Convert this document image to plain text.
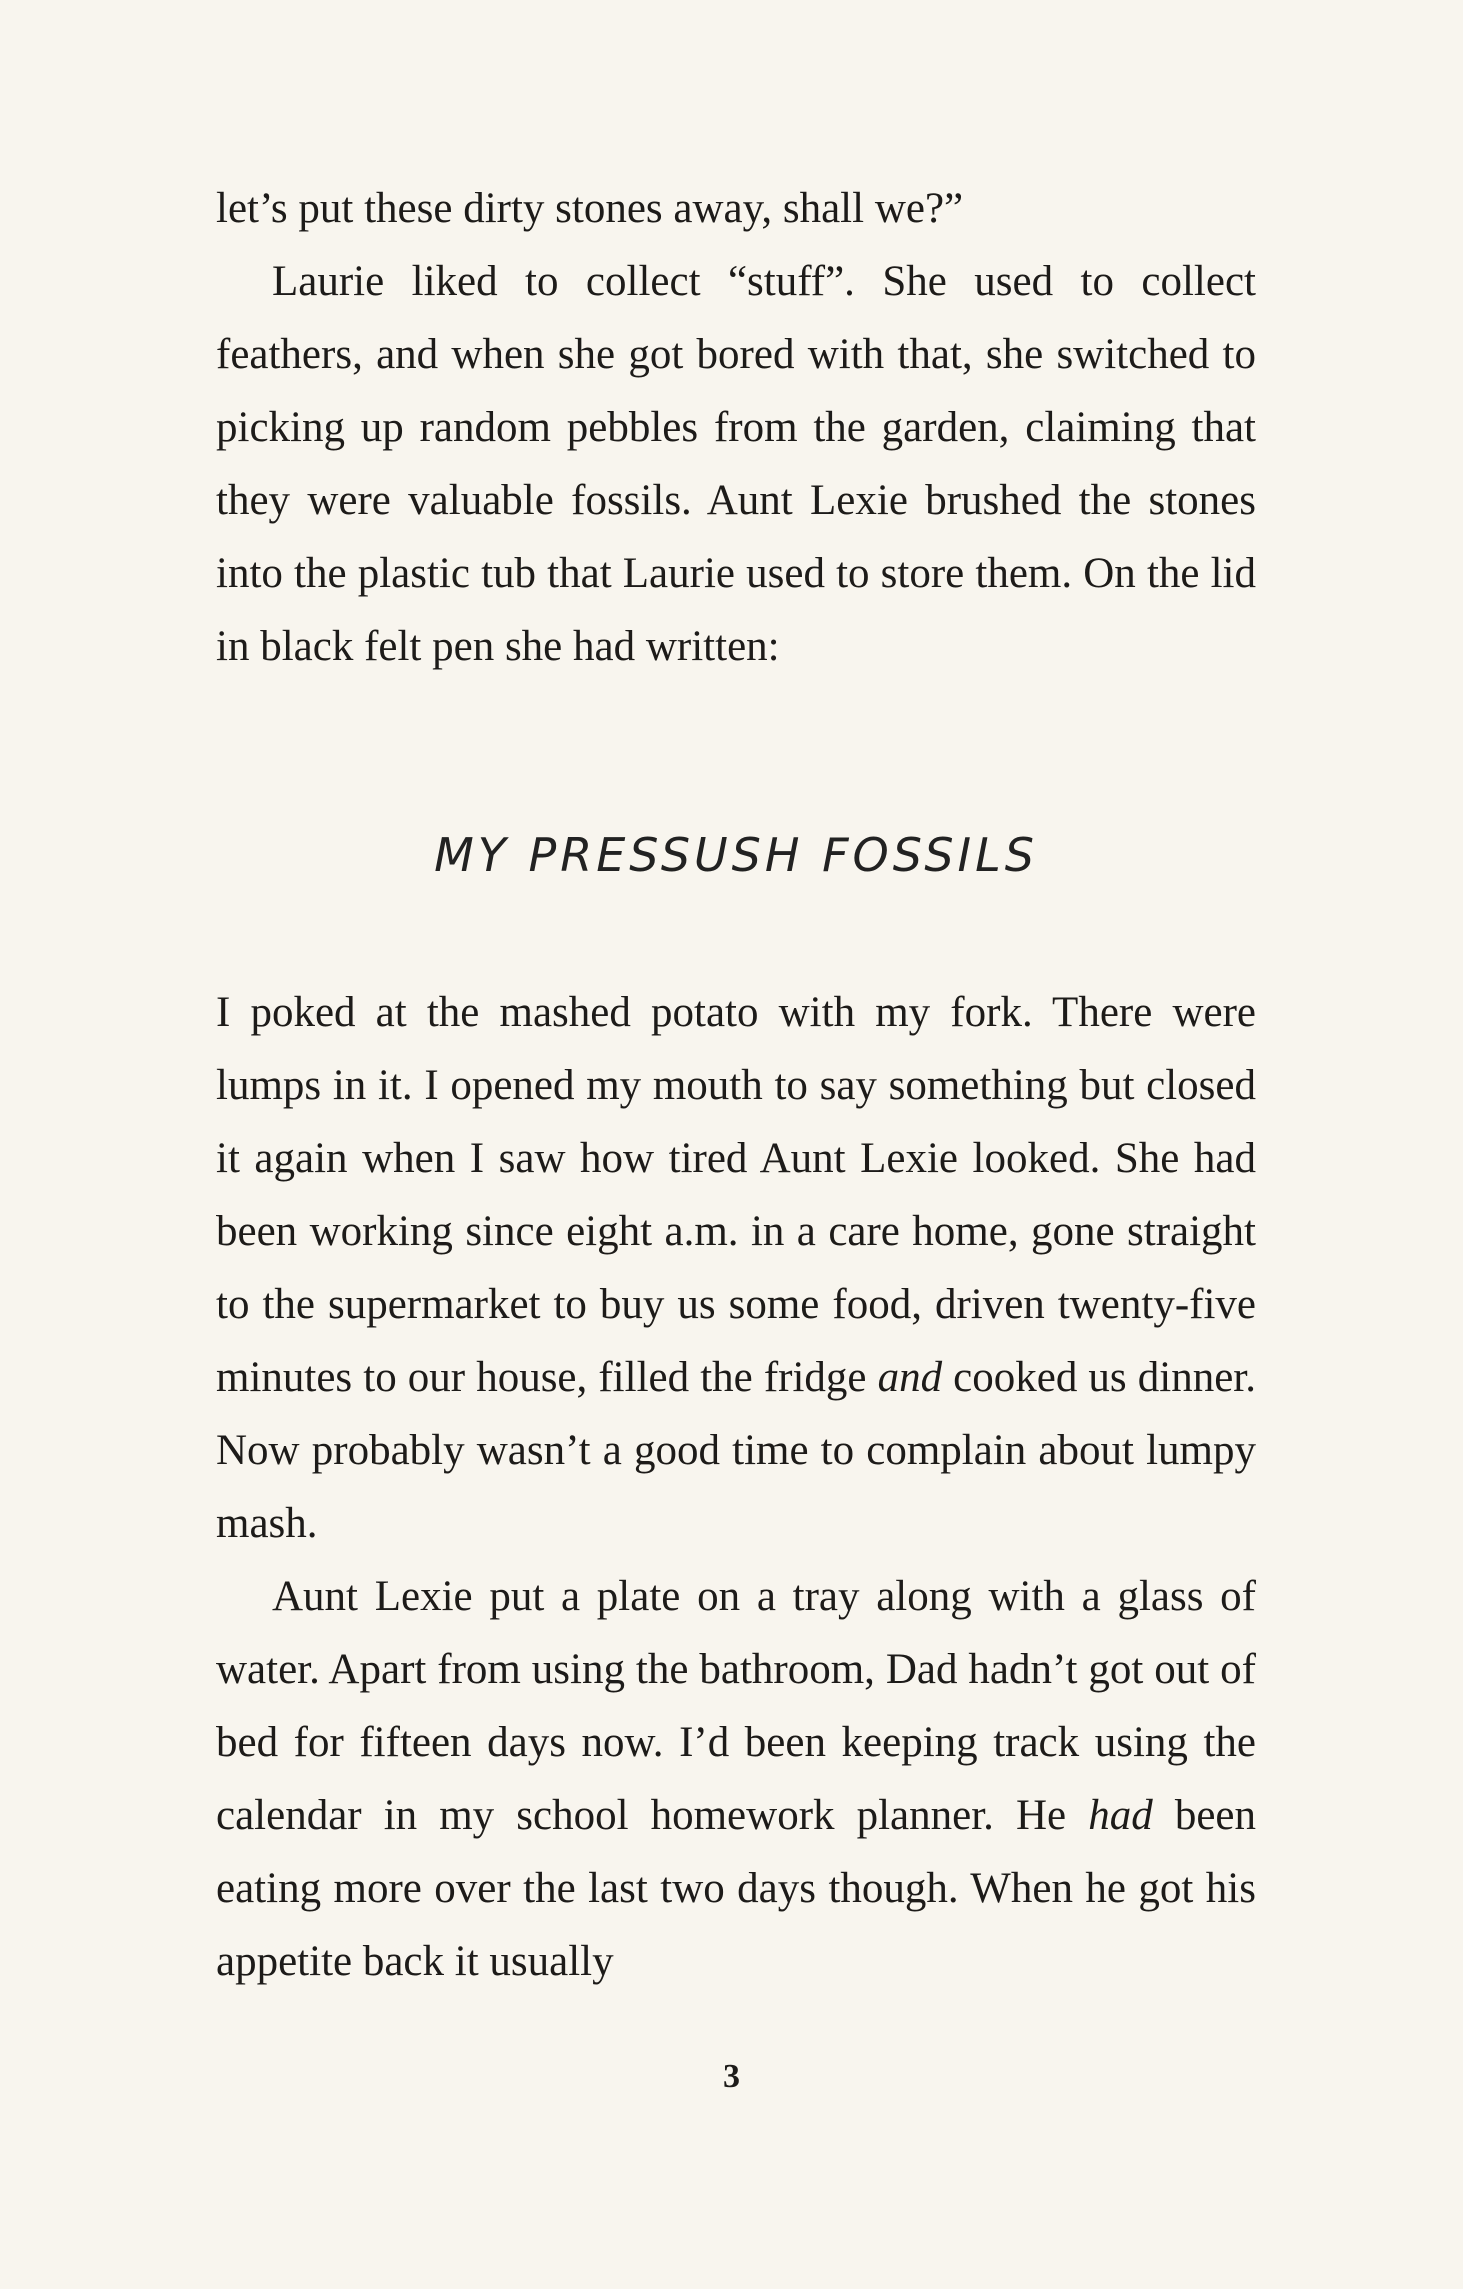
let’s put these dirty stones away, shall we?”

Laurie liked to collect “stuff”. She used to collect feathers, and when she got bored with that, she switched to picking up random pebbles from the garden, claiming that they were valuable fossils. Aunt Lexie brushed the stones into the plastic tub that Laurie used to store them. On the lid in black felt pen she had written:

MY PRESSUSH FOSSILS

I poked at the mashed potato with my fork. There were lumps in it. I opened my mouth to say something but closed it again when I saw how tired Aunt Lexie looked. She had been working since eight a.m. in a care home, gone straight to the supermarket to buy us some food, driven twenty-five minutes to our house, filled the fridge and cooked us dinner. Now probably wasn’t a good time to complain about lumpy mash.

Aunt Lexie put a plate on a tray along with a glass of water. Apart from using the bathroom, Dad hadn’t got out of bed for fifteen days now. I’d been keeping track using the calendar in my school homework planner. He had been eating more over the last two days though. When he got his appetite back it usually

3
